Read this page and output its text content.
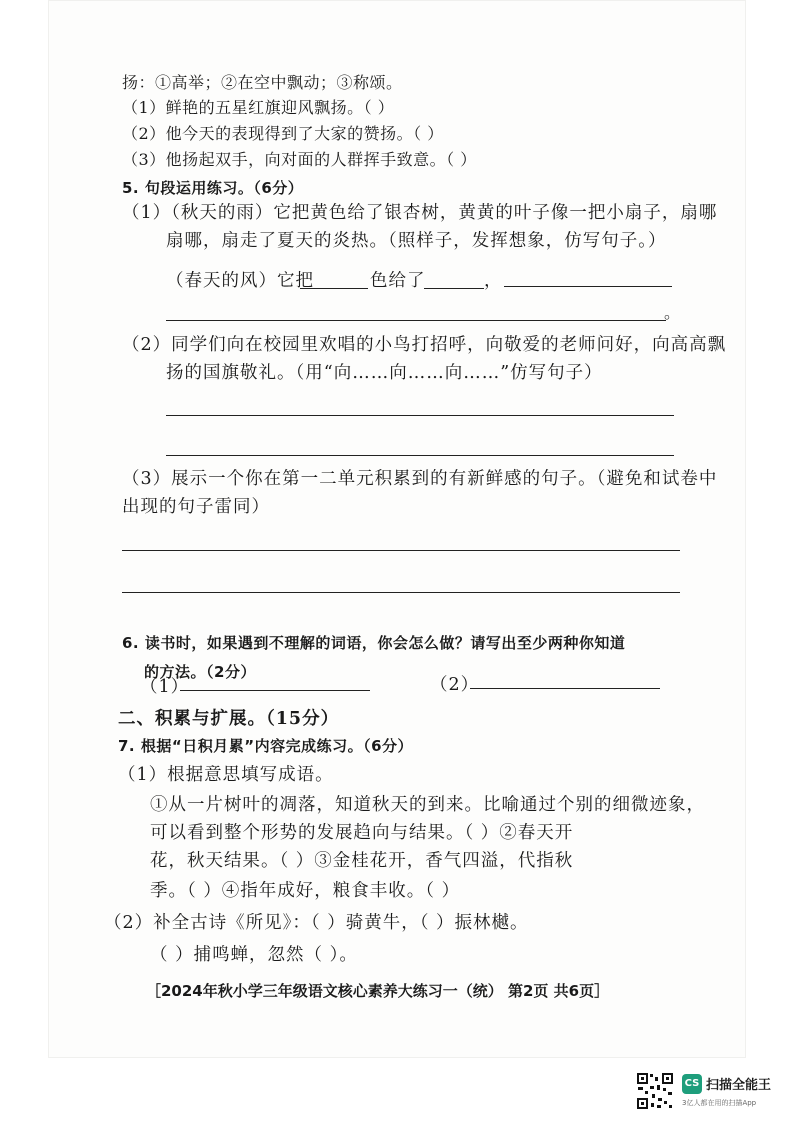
扬：①高举；②在空中飘动；③称颂。
（1）鲜艳的五星红旗迎风飘扬。（ ）
（2）他今天的表现得到了大家的赞扬。（ ）
（3）他扬起双手，向对面的人群挥手致意。（ ）
5. 句段运用练习。（6分）
（1）（秋天的雨）它把黄色给了银杏树，黄黄的叶子像一把小扇子，扇哪
扇哪，扇走了夏天的炎热。（照样子，发挥想象，仿写句子。）
（春天的风）它把	色给了	，
。
（2）同学们向在校园里欢唱的小鸟打招呼，向敬爱的老师问好，向高高飘
扬的国旗敬礼。（用“向……向……向……”仿写句子）
（3）展示一个你在第一二单元积累到的有新鲜感的句子。（避免和试卷中
出现的句子雷同）
6. 读书时，如果遇到不理解的词语，你会怎么做？请写出至少两种你知道
的方法。（2分）
（1）	（2）
二、积累与扩展。（15分）
7. 根据“日积月累”内容完成练习。（6分）
（1）根据意思填写成语。
①从一片树叶的凋落，知道秋天的到来。比喻通过个别的细微迹象，
可以看到整个形势的发展趋向与结果。（ ）②春天开
花，秋天结果。（ ）③金桂花开，香气四溢，代指秋
季。（ ）④指年成好，粮食丰收。（ ）
（2）补全古诗《所见》：（ ）骑黄牛，（ ）振林樾。
（ ）捕鸣蝉，忽然（ ）。
［2024年秋小学三年级语文核心素养大练习一（统） 第2页 共6页］
CS 扫描全能王
3亿人都在用的扫描App
